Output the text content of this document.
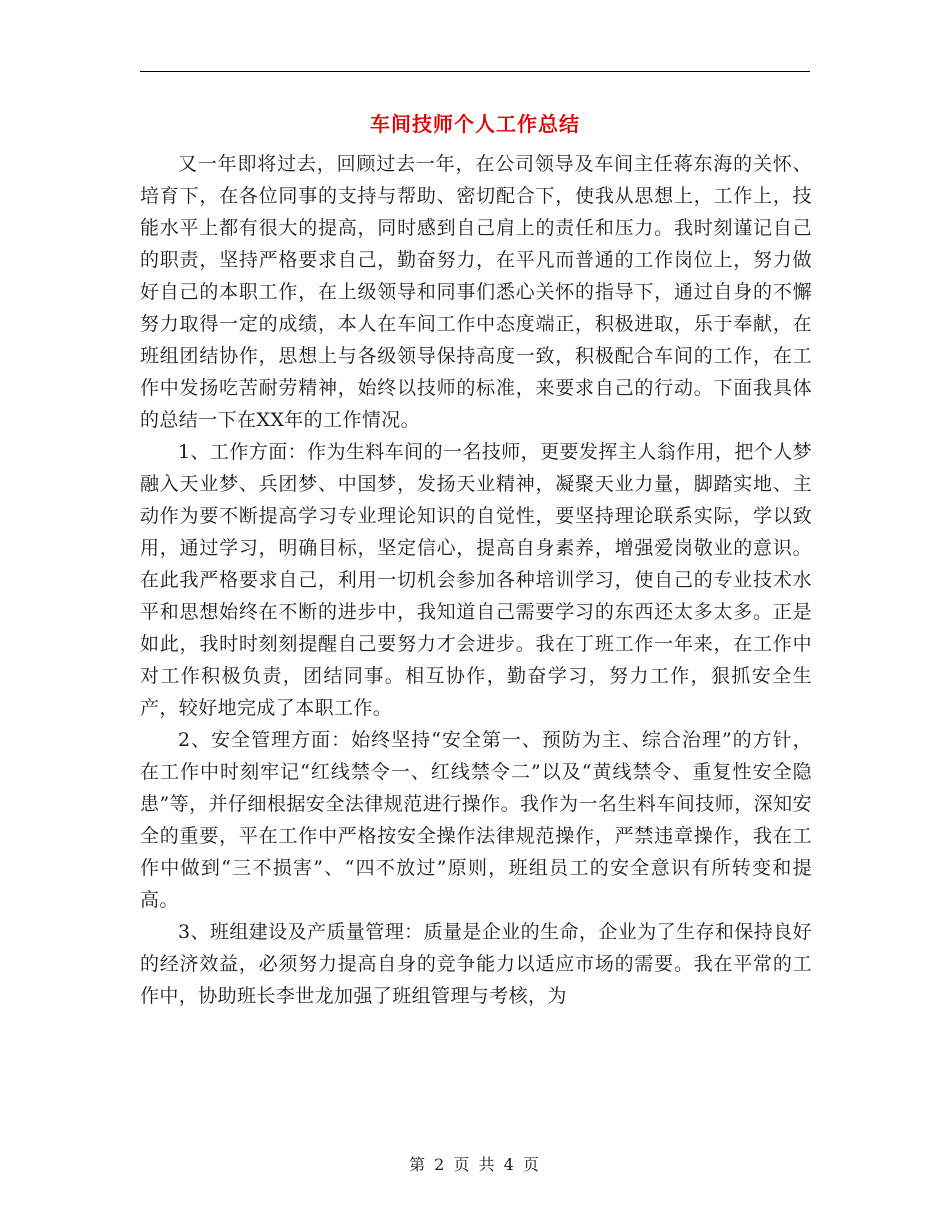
车间技师个人工作总结

又一年即将过去，回顾过去一年，在公司领导及车间主任蒋东海的关怀、培育下，在各位同事的支持与帮助、密切配合下，使我从思想上，工作上，技能水平上都有很大的提高，同时感到自己肩上的责任和压力。我时刻谨记自己的职责，坚持严格要求自己，勤奋努力，在平凡而普通的工作岗位上，努力做好自己的本职工作，在上级领导和同事们悉心关怀的指导下，通过自身的不懈努力取得一定的成绩，本人在车间工作中态度端正，积极进取，乐于奉献，在班组团结协作，思想上与各级领导保持高度一致，积极配合车间的工作，在工作中发扬吃苦耐劳精神，始终以技师的标准，来要求自己的行动。下面我具体的总结一下在XX年的工作情况。

1、工作方面：作为生料车间的一名技师，更要发挥主人翁作用，把个人梦融入天业梦、兵团梦、中国梦，发扬天业精神，凝聚天业力量，脚踏实地、主动作为要不断提高学习专业理论知识的自觉性，要坚持理论联系实际，学以致用，通过学习，明确目标，坚定信心，提高自身素养，增强爱岗敬业的意识。在此我严格要求自己，利用一切机会参加各种培训学习，使自己的专业技术水平和思想始终在不断的进步中，我知道自己需要学习的东西还太多太多。正是如此，我时时刻刻提醒自己要努力才会进步。我在丁班工作一年来，在工作中对工作积极负责，团结同事。相互协作，勤奋学习，努力工作，狠抓安全生产，较好地完成了本职工作。

2、安全管理方面：始终坚持“安全第一、预防为主、综合治理”的方针，在工作中时刻牢记“红线禁令一、红线禁令二”以及“黄线禁令、重复性安全隐患”等，并仔细根据安全法律规范进行操作。我作为一名生料车间技师，深知安全的重要，平在工作中严格按安全操作法律规范操作，严禁违章操作，我在工作中做到“三不损害”、“四不放过”原则，班组员工的安全意识有所转变和提高。

3、班组建设及产质量管理：质量是企业的生命，企业为了生存和保持良好的经济效益，必须努力提高自身的竞争能力以适应市场的需要。我在平常的工作中，协助班长李世龙加强了班组管理与考核，为

第 2 页 共 4 页
